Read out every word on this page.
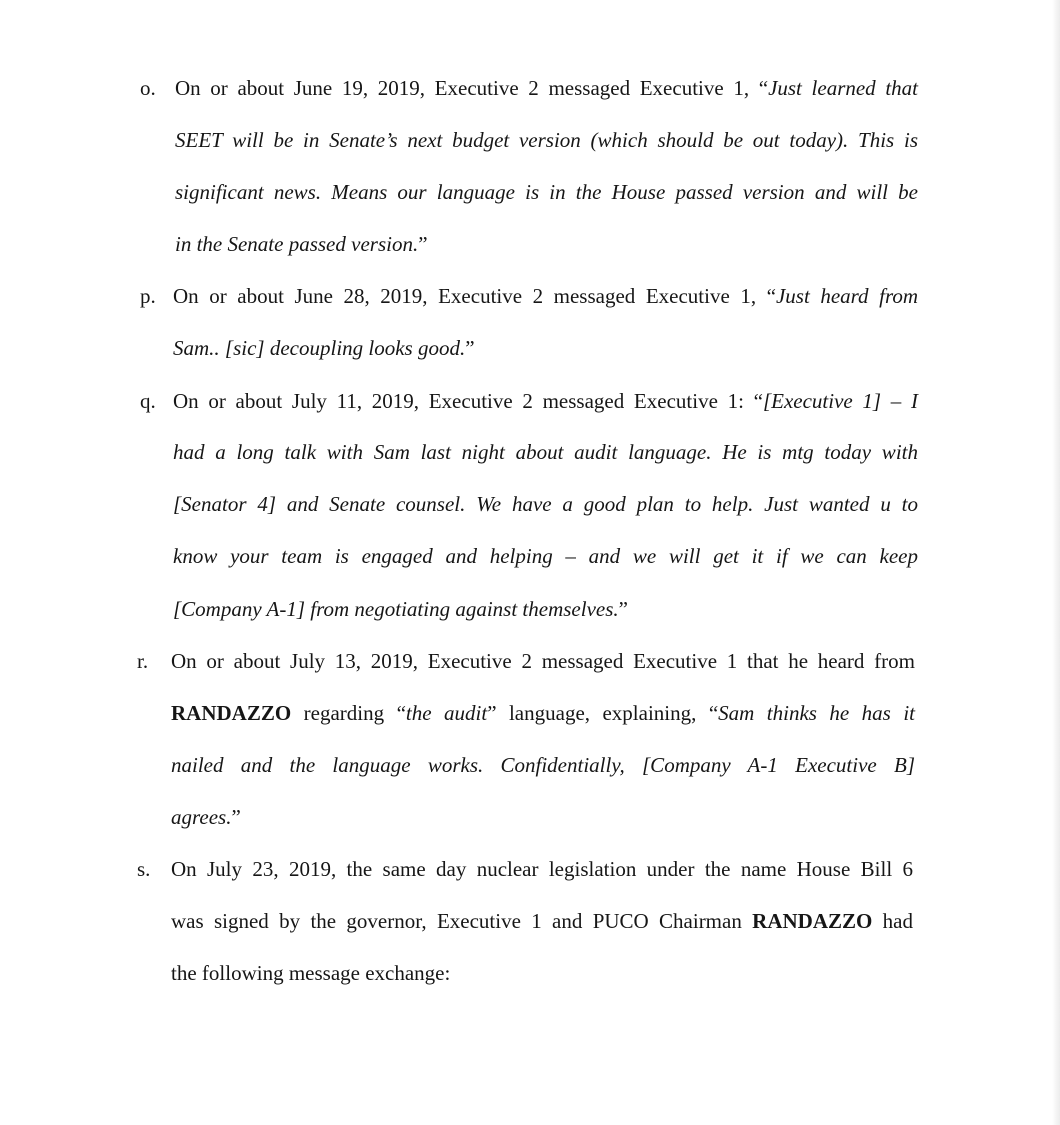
o. On or about June 19, 2019, Executive 2 messaged Executive 1, “Just learned that
SEET will be in Senate’s next budget version (which should be out today). This is
significant news. Means our language is in the House passed version and will be
in the Senate passed version.”
p. On or about June 28, 2019, Executive 2 messaged Executive 1, “Just heard from
Sam.. [sic] decoupling looks good.”
q. On or about July 11, 2019, Executive 2 messaged Executive 1: “[Executive 1] – I
had a long talk with Sam last night about audit language. He is mtg today with
[Senator 4] and Senate counsel. We have a good plan to help. Just wanted u to
know your team is engaged and helping – and we will get it if we can keep
[Company A-1] from negotiating against themselves.”
r. On or about July 13, 2019, Executive 2 messaged Executive 1 that he heard from
RANDAZZO regarding “the audit” language, explaining, “Sam thinks he has it
nailed and the language works. Confidentially, [Company A-1 Executive B]
agrees.”
s. On July 23, 2019, the same day nuclear legislation under the name House Bill 6
was signed by the governor, Executive 1 and PUCO Chairman RANDAZZO had
the following message exchange:
